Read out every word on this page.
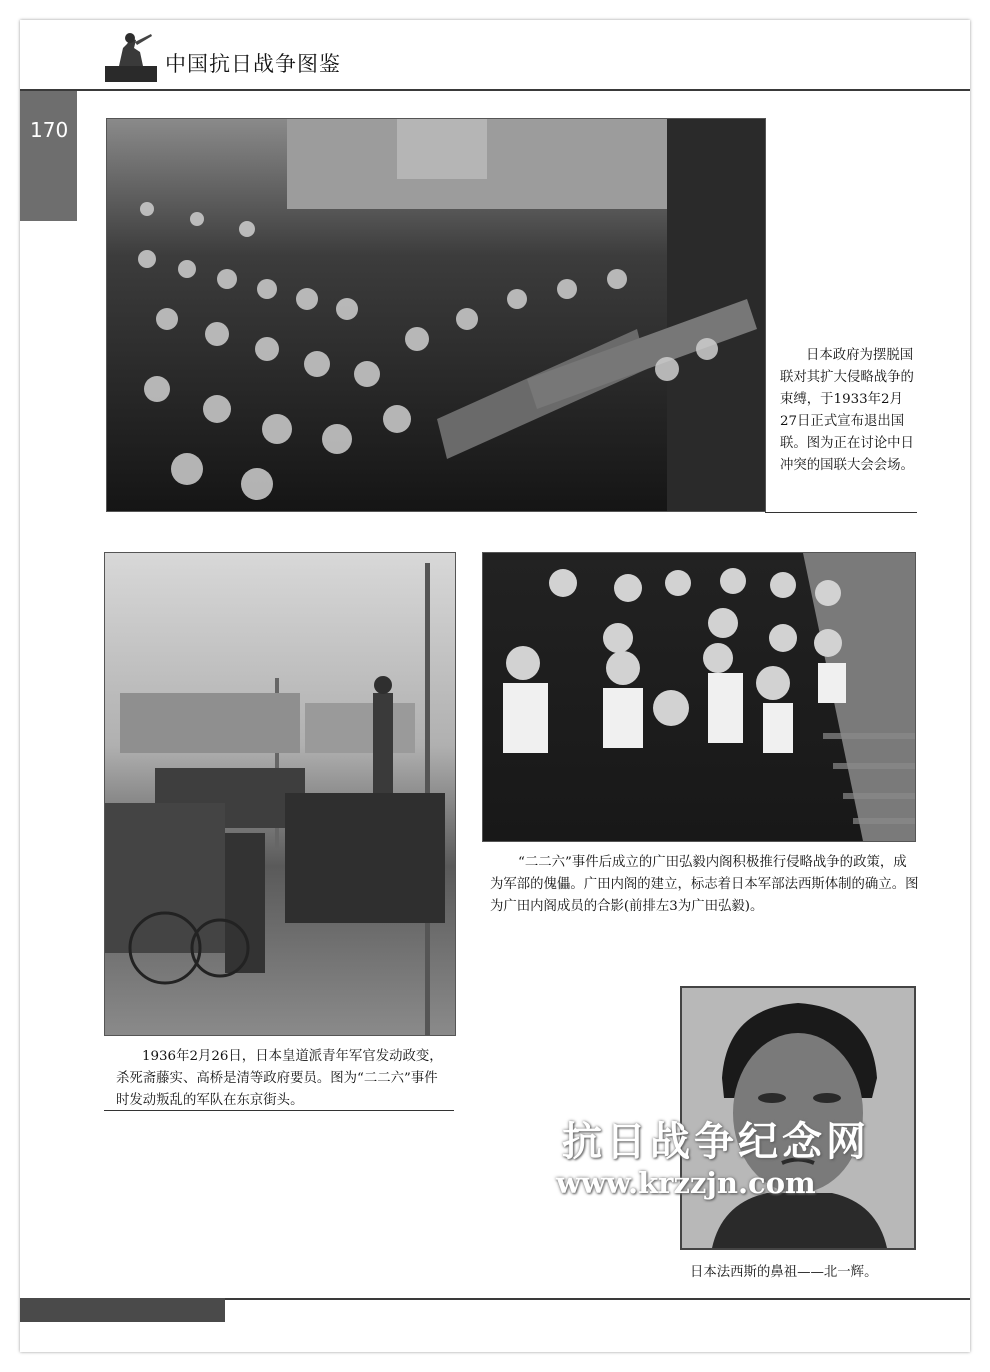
中国抗日战争图鉴
170
日本政府为摆脱国联对其扩大侵略战争的束缚，于1933年2月27日正式宣布退出国联。图为正在讨论中日冲突的国联大会会场。
1936年2月26日，日本皇道派青年军官发动政变，杀死斋藤实、高桥是清等政府要员。图为“二二六”事件时发动叛乱的军队在东京街头。
“二二六”事件后成立的广田弘毅内阁积极推行侵略战争的政策，成为军部的傀儡。广田内阁的建立，标志着日本军部法西斯体制的确立。图为广田内阁成员的合影(前排左3为广田弘毅)。
日本法西斯的鼻祖——北一辉。
抗日战争纪念网
www.krzzjn.com
